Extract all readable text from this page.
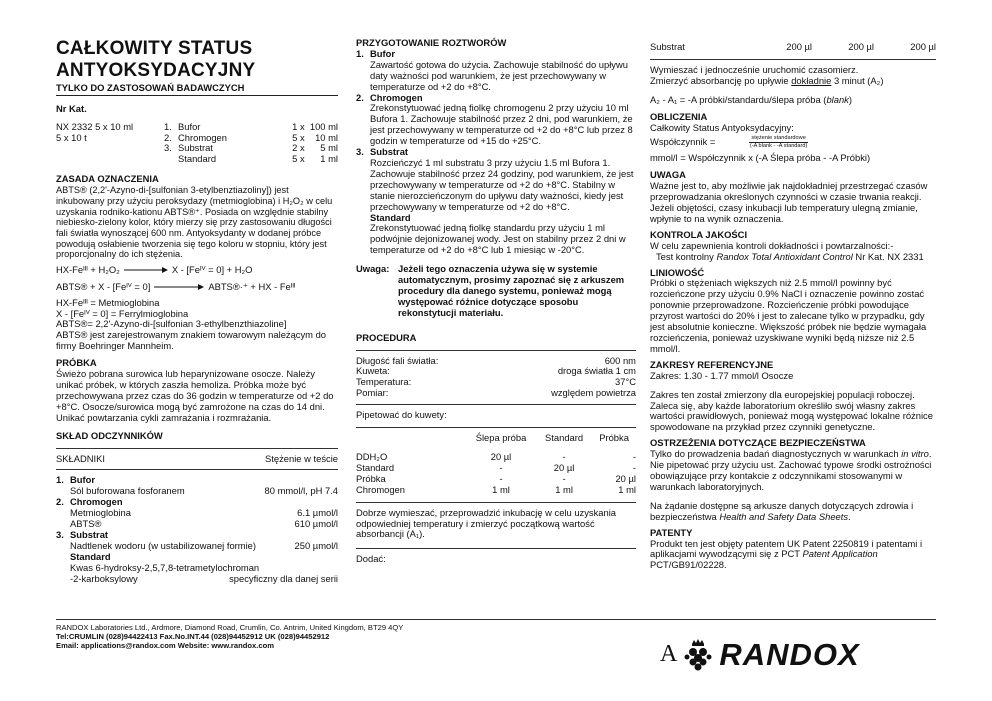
CAŁKOWITY STATUS
ANTYOKSYDACYJNY
TYLKO DO ZASTOSOWAŃ BADAWCZYCH
Nr Kat.
NX 2332 5 x 10 ml
5 x 10 t
1. Bufor	1 x  100 ml
2. Chromogen	5 x    10 ml
3. Substrat	2 x      5 ml
Standard	5 x      1 ml
ZASADA OZNACZENIA
ABTS® (2,2'-Azyno-di-[sulfonian 3-etylbenztiazoliny]) jest inkubowany przy użyciu peroksydazy (metmioglobina) i H₂O₂ w celu uzyskania rodniko-kationu ABTS®⁺. Posiada on względnie stabilny niebiesko-zielony kolor, który mierzy się przy zastosowaniu długości fali światła wynoszącej 600 nm. Antyoksydanty w dodanej próbce powodują osłabienie tworzenia się tego koloru w stopniu, który jest proporcjonalny do ich stężenia.
HX-Feᴵᴵᴵ + H₂O₂	X - [Feᴵⱽ = 0] + H₂O
ABTS® + X - [Feᴵⱽ = 0]	ABTS®·⁺ + HX - Feᴵᴵᴵ
HX-Feᴵᴵᴵ = Metmioglobina
X - [Feᴵⱽ = 0] = Ferrylmioglobina
ABTS®= 2,2'-Azyno-di-[sulfonian 3-ethylbenzthiazoline]
ABTS® jest zarejestrowanym znakiem towarowym należącym do firmy Boehringer Mannheim.
PRÓBKA
Świeżo pobrana surowica lub heparynizowane osocze. Należy unikać próbek, w których zaszła hemoliza. Próbka może być przechowywana przez czas do 36 godzin w temperaturze od +2 do +8°C. Osocze/surowica mogą być zamrożone na czas do 14 dni. Unikać powtarzania cykli zamrażania i rozmrażania.
SKŁAD ODCZYNNIKÓW
SKŁADNIKI	Stężenie w teście
1. Bufor
Sól buforowana fosforanem	80 mmol/l, pH 7.4
2. Chromogen
Metmioglobina	6.1 µmol/l
ABTS®	610 µmol/l
3. Substrat
Nadtlenek wodoru (w ustabilizowanej formie)	250 µmol/l
Standard
Kwas 6-hydroksy-2,5,7,8-tetrametylochroman
-2-karboksylowy	specyficzny dla danej serii
PRZYGOTOWANIE ROZTWORÓW
1. Bufor
Zawartość gotowa do użycia. Zachowuje stabilność do upływu daty ważności pod warunkiem, że jest przechowywany w temperaturze od +2 do +8°C.
2. Chromogen
Zrekonstytuować jedną fiolkę chromogenu 2 przy użyciu 10 ml Bufora 1. Zachowuje stabilność przez 2 dni, pod warunkiem, że jest przechowywany w temperaturze od +2 do +8°C lub przez 8 godzin w temperaturze od +15 do +25°C.
3. Substrat
Rozcieńczyć 1 ml substratu 3 przy użyciu 1.5 ml Bufora 1. Zachowuje stabilność przez 24 godziny, pod warunkiem, że jest przechowywany w temperaturze od +2 do +8°C. Stabilny w stanie nierozcieńczonym do upływu daty ważności, kiedy jest przechowywany w temperaturze od +2 do +8°C.
Standard
Zrekonstytuować jedną fiolkę standardu przy użyciu 1 ml podwójnie dejonizowanej wody. Jest on stabilny przez 2 dni w temperaturze od +2 do +8°C lub 1 miesiąc w -20°C.
Uwaga: Jeżeli tego oznaczenia używa się w systemie automatycznym, prosimy zapoznać się z arkuszem procedury dla danego systemu, ponieważ mogą występować różnice dotyczące sposobu rekonstytucji materiału.
PROCEDURA
Długość fali światła:	600 nm
Kuweta:	droga światła 1 cm
Temperatura:	37°C
Pomiar:	względem powietrza
Pipetować do kuwety:
	Ślepa próba	Standard	Próbka

DDH₂O	20 µl	-	-
Standard	-	20 µl	-
Próbka	-	-	20 µl
Chromogen	1 ml	1 ml	1 ml
Dobrze wymieszać, przeprowadzić inkubację w celu uzyskania odpowiedniej temperatury i zmierzyć początkową wartość absorbancji (A₁).
Dodać:
Substrat	200 µl	200 µl	200 µl
Wymieszać i jednocześnie uruchomić czasomierz.
Zmierzyć absorbancję po upływie dokładnie 3 minut (A₂)
A₂ - A₁ = -A próbki/standardu/ślepa próba (blank)
OBLICZENIA
Całkowity Status Antyoksydacyjny:
Współczynnik =	$\frac{\text{stężenie standardowe}}{\text{(-A blank - -A standard)}}$
mmol/l = Współczynnik x (-A Ślepa próba - -A Próbki)
UWAGA
Ważne jest to, aby możliwie jak najdokładniej przestrzegać czasów przeprowadzania określonych czynności w czasie trwania reakcji. Jeżeli objętości, czasy inkubacji lub temperatury ulegną zmianie, wpłynie to na wynik oznaczenia.
KONTROLA JAKOŚCI
W celu zapewnienia kontroli dokładności i powtarzalności:-
Test kontrolny Randox Total Antioxidant Control Nr Kat. NX 2331
LINIOWOŚĆ
Próbki o stężeniach większych niż 2.5 mmol/l powinny być rozcieńczone przy użyciu 0.9% NaCl i oznaczenie powinno zostać ponownie przeprowadzone. Rozcieńczenie próbki powodujące przyrost wartości do 20% i jest to zalecane tylko w przypadku, gdy jest absolutnie konieczne. Większość próbek nie będzie wymagała rozcieńczenia, ponieważ uzyskiwane wyniki będą niższe niż 2.5 mmol/l.
ZAKRESY REFERENCYJNE
Zakres: 1.30 - 1.77 mmol/l Osocze
Zakres ten został zmierzony dla europejskiej populacji roboczej. Zaleca się, aby każde laboratorium określiło swój własny zakres wartości prawidłowych, ponieważ mogą występować lokalne różnice spowodowane na przykład przez czynniki genetyczne.
OSTRZEŻENIA DOTYCZĄCE BEZPIECZEŃSTWA
Tylko do prowadzenia badań diagnostycznych w warunkach in vitro. Nie pipetować przy użyciu ust. Zachować typowe środki ostrożności obowiązujące przy kontakcie z odczynnikami stosowanymi w warunkach laboratoryjnych.
Na żądanie dostępne są arkusze danych dotyczących zdrowia i bezpieczeństwa Health and Safety Data Sheets.
PATENTY
Produkt ten jest objęty patentem UK Patent 2250819 i patentami i aplikacjami wywodzącymi się z PCT Patent Application PCT/GB91/02228.
RANDOX Laboratories Ltd., Ardmore, Diamond Road, Crumlin, Co. Antrim, United Kingdom, BT29 4QY
Tel:CRUMLIN (028)94422413 Fax.No.INT.44 (028)94452912 UK (028)94452912
Email: applications@randox.com Website: www.randox.com	A RANDOX
